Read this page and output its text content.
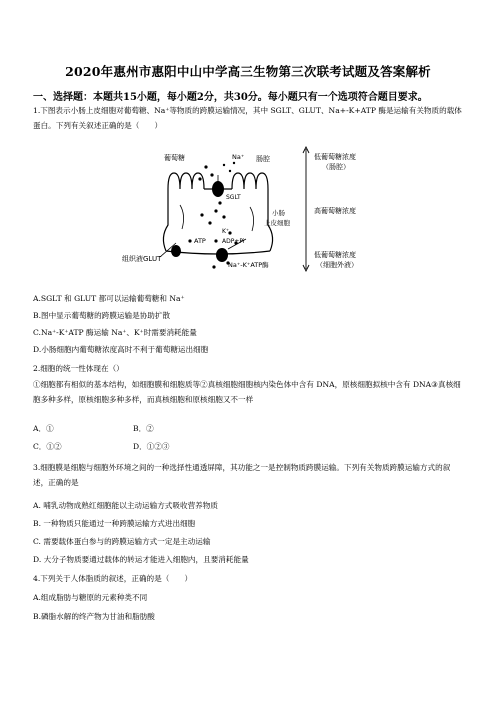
2020年惠州市惠阳中山中学高三生物第三次联考试题及答案解析
一、选择题：本题共15小题，每小题2分，共30分。每小题只有一个选项符合题目要求。
1.下图表示小肠上皮细胞对葡萄糖、Na⁺等物质的跨膜运输情况，其中 SGLT、GLUT、Na+-K+ATP 酶是运输有关物质的载体蛋白。下列有关叙述正确的是（　　）
葡萄糖	Na⁺ 肠腔
SGLT
小肠
上皮细胞
K⁺
ATP	ADP+Pi
组织液GLUT
Na⁺-K⁺ATP酶
低葡萄糖浓度
（肠腔）
高葡萄糖浓度
低葡萄糖浓度
（细胞外液）
A.SGLT 和 GLUT 都可以运输葡萄糖和 Na⁺
B.图中显示葡萄糖的跨膜运输是协助扩散
C.Na⁺-K⁺ATP 酶运输 Na⁺、K⁺时需要消耗能量
D.小肠细胞内葡萄糖浓度高时不利于葡萄糖运出细胞
2.细胞的统一性体现在（）
①细胞都有相似的基本结构，如细胞膜和细胞质等②真核细胞细胞核内染色体中含有 DNA，原核细胞拟核中含有 DNA③真核细胞多种多样，原核细胞多种多样，而真核细胞和原核细胞又不一样
A．①	B．②
C．①②	D．①②③
3.细胞膜是细胞与细胞外环境之间的一种选择性通透屏障，其功能之一是控制物质跨膜运输。下列有关物质跨膜运输方式的叙述，正确的是
A. 哺乳动物成熟红细胞能以主动运输方式吸收营养物质
B. 一种物质只能通过一种跨膜运输方式进出细胞
C. 需要载体蛋白参与的跨膜运输方式一定是主动运输
D. 大分子物质要通过载体的转运才能进入细胞内，且要消耗能量
4.下列关于人体脂质的叙述，正确的是（　　）
A.组成脂肪与糖原的元素种类不同
B.磷脂水解的终产物为甘油和脂肪酸
